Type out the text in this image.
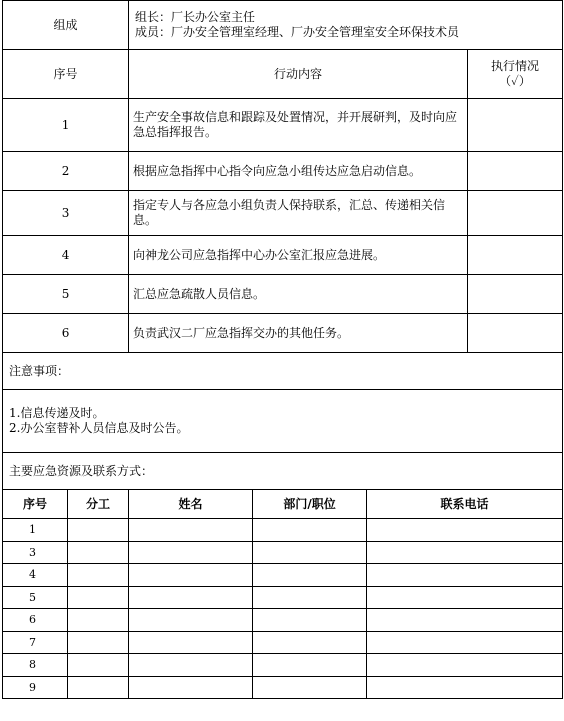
组成		组长：厂长办公室主任
成员：厂办安全管理室经理、厂办安全管理室安全环保技术员			

序号		行动内容			执行情况
（✓）

1		生产安全事故信息和跟踪及处置情况，并开展研判，及时向应急总指挥报告。			
2		根据应急指挥中心指令向应急小组传达应急启动信息。			
3		指定专人与各应急小组负责人保持联系，汇总、传递相关信息。			
4		向神龙公司应急指挥中心办公室汇报应急进展。			
5		汇总应急疏散人员信息。			
6		负责武汉二厂应急指挥交办的其他任务。			
注意事项：					

1.信息传递及时。
2.办公室替补人员信息及时公告。					

主要应急资源及联系方式：					
序号	分工	姓名	部门/职位	联系电话	
1					
3					
4					
5					
6					
7					
8					
9					
